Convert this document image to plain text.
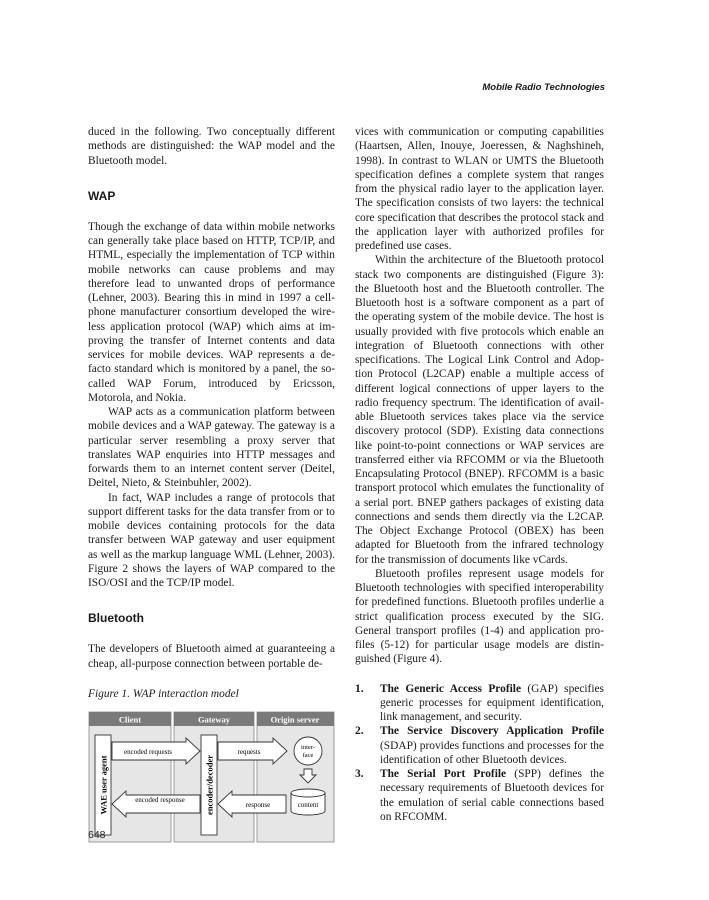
Mobile Radio Technologies

duced in the following. Two conceptually different methods are distinguished: the WAP model and the Bluetooth model.

WAP

Though the exchange of data within mobile networks can generally take place based on HTTP, TCP/IP, and HTML, especially the implementation of TCP within mobile networks can cause problems and may therefore lead to unwanted drops of performance (Lehner, 2003). Bearing this in mind in 1997 a cell-phone manufacturer consortium developed the wire-less application protocol (WAP) which aims at im-proving the transfer of Internet contents and data services for mobile devices. WAP represents a de-facto standard which is monitored by a panel, the so-called WAP Forum, introduced by Ericsson, Motorola, and Nokia.

WAP acts as a communication platform between mobile devices and a WAP gateway. The gateway is a particular server resembling a proxy server that translates WAP enquiries into HTTP messages and forwards them to an internet content server (Deitel, Deitel, Nieto, & Steinbuhler, 2002).

In fact, WAP includes a range of protocols that support different tasks for the data transfer from or to mobile devices containing protocols for the data transfer between WAP gateway and user equipment as well as the markup language WML (Lehner, 2003). Figure 2 shows the layers of WAP compared to the ISO/OSI and the TCP/IP model.

Bluetooth

The developers of Bluetooth aimed at guaranteeing a cheap, all-purpose connection between portable de-

Figure 1. WAP interaction model

Client	Gateway	Origin server
WAE user agent	encoder/decoder
encoded requests	requests
inter-
face
content
encoded response
response

vices with communication or computing capabilities (Haartsen, Allen, Inouye, Joeressen, & Naghshineh, 1998). In contrast to WLAN or UMTS the Bluetooth specification defines a complete system that ranges from the physical radio layer to the application layer. The specification consists of two layers: the technical core specification that describes the protocol stack and the application layer with authorized profiles for predefined use cases.

Within the architecture of the Bluetooth protocol stack two components are distinguished (Figure 3): the Bluetooth host and the Bluetooth controller. The Bluetooth host is a software component as a part of the operating system of the mobile device. The host is usually provided with five protocols which enable an integration of Bluetooth connections with other specifications. The Logical Link Control and Adop-tion Protocol (L2CAP) enable a multiple access of different logical connections of upper layers to the radio frequency spectrum. The identification of avail-able Bluetooth services takes place via the service discovery protocol (SDP). Existing data connections like point-to-point connections or WAP services are transferred either via RFCOMM or via the Bluetooth Encapsulating Protocol (BNEP). RFCOMM is a basic transport protocol which emulates the functionality of a serial port. BNEP gathers packages of existing data connections and sends them directly via the L2CAP. The Object Exchange Protocol (OBEX) has been adapted for Bluetooth from the infrared technology for the transmission of documents like vCards.

Bluetooth profiles represent usage models for Bluetooth technologies with specified interoperability for predefined functions. Bluetooth profiles underlie a strict qualification process executed by the SIG. General transport profiles (1-4) and application pro-files (5-12) for particular usage models are distin-guished (Figure 4).

1. The Generic Access Profile (GAP) specifies generic processes for equipment identification, link management, and security.
2. The Service Discovery Application Profile (SDAP) provides functions and processes for the identification of other Bluetooth devices.
3. The Serial Port Profile (SPP) defines the necessary requirements of Bluetooth devices for the emulation of serial cable connections based on RFCOMM.
648
